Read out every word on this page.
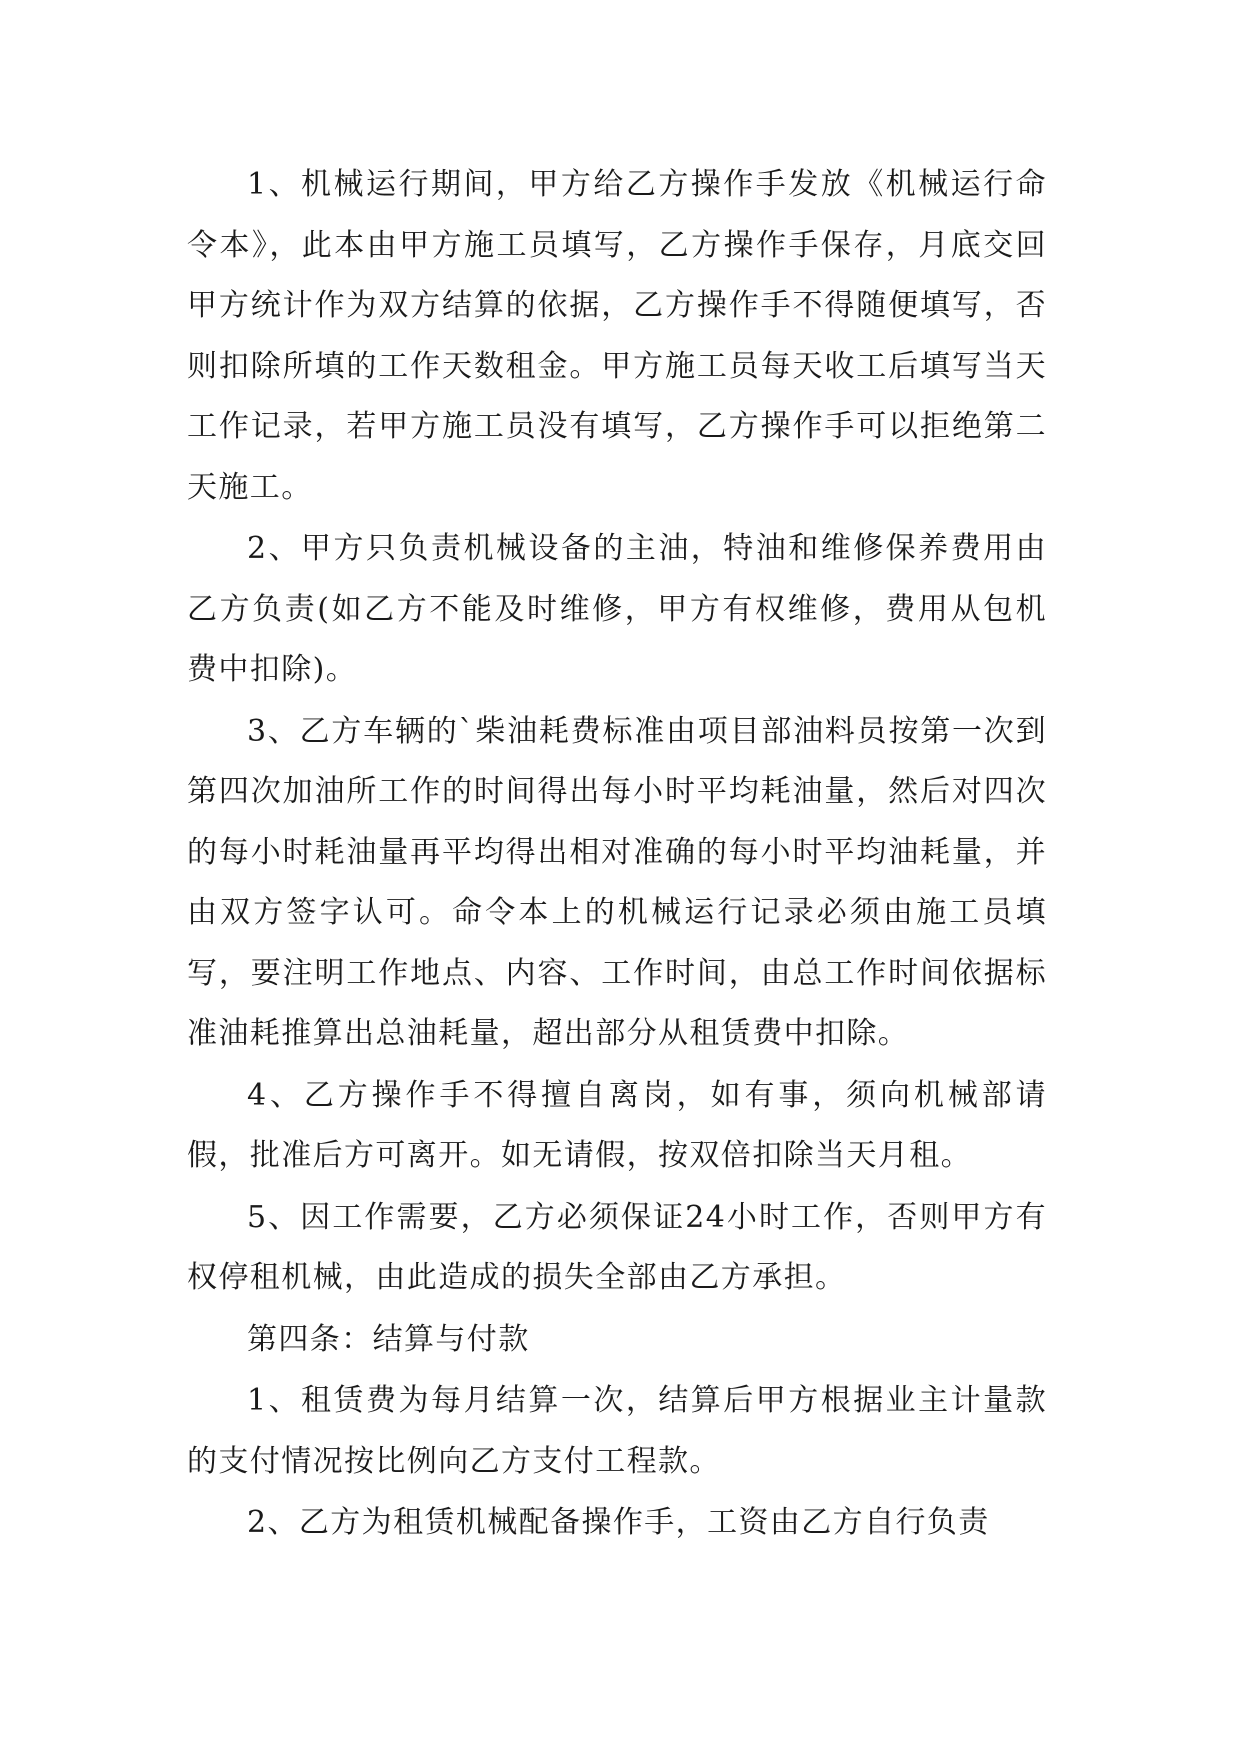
1、机械运行期间，甲方给乙方操作手发放《机械运行命令本》，此本由甲方施工员填写，乙方操作手保存，月底交回甲方统计作为双方结算的依据，乙方操作手不得随便填写，否则扣除所填的工作天数租金。甲方施工员每天收工后填写当天工作记录，若甲方施工员没有填写，乙方操作手可以拒绝第二天施工。

2、甲方只负责机械设备的主油，特油和维修保养费用由乙方负责(如乙方不能及时维修，甲方有权维修，费用从包机费中扣除)。

3、乙方车辆的`柴油耗费标准由项目部油料员按第一次到第四次加油所工作的时间得出每小时平均耗油量，然后对四次的每小时耗油量再平均得出相对准确的每小时平均油耗量，并由双方签字认可。命令本上的机械运行记录必须由施工员填写，要注明工作地点、内容、工作时间，由总工作时间依据标准油耗推算出总油耗量，超出部分从租赁费中扣除。

4、乙方操作手不得擅自离岗，如有事，须向机械部请假，批准后方可离开。如无请假，按双倍扣除当天月租。

5、因工作需要，乙方必须保证24小时工作，否则甲方有权停租机械，由此造成的损失全部由乙方承担。

第四条：结算与付款

1、租赁费为每月结算一次，结算后甲方根据业主计量款的支付情况按比例向乙方支付工程款。

2、乙方为租赁机械配备操作手，工资由乙方自行负责
